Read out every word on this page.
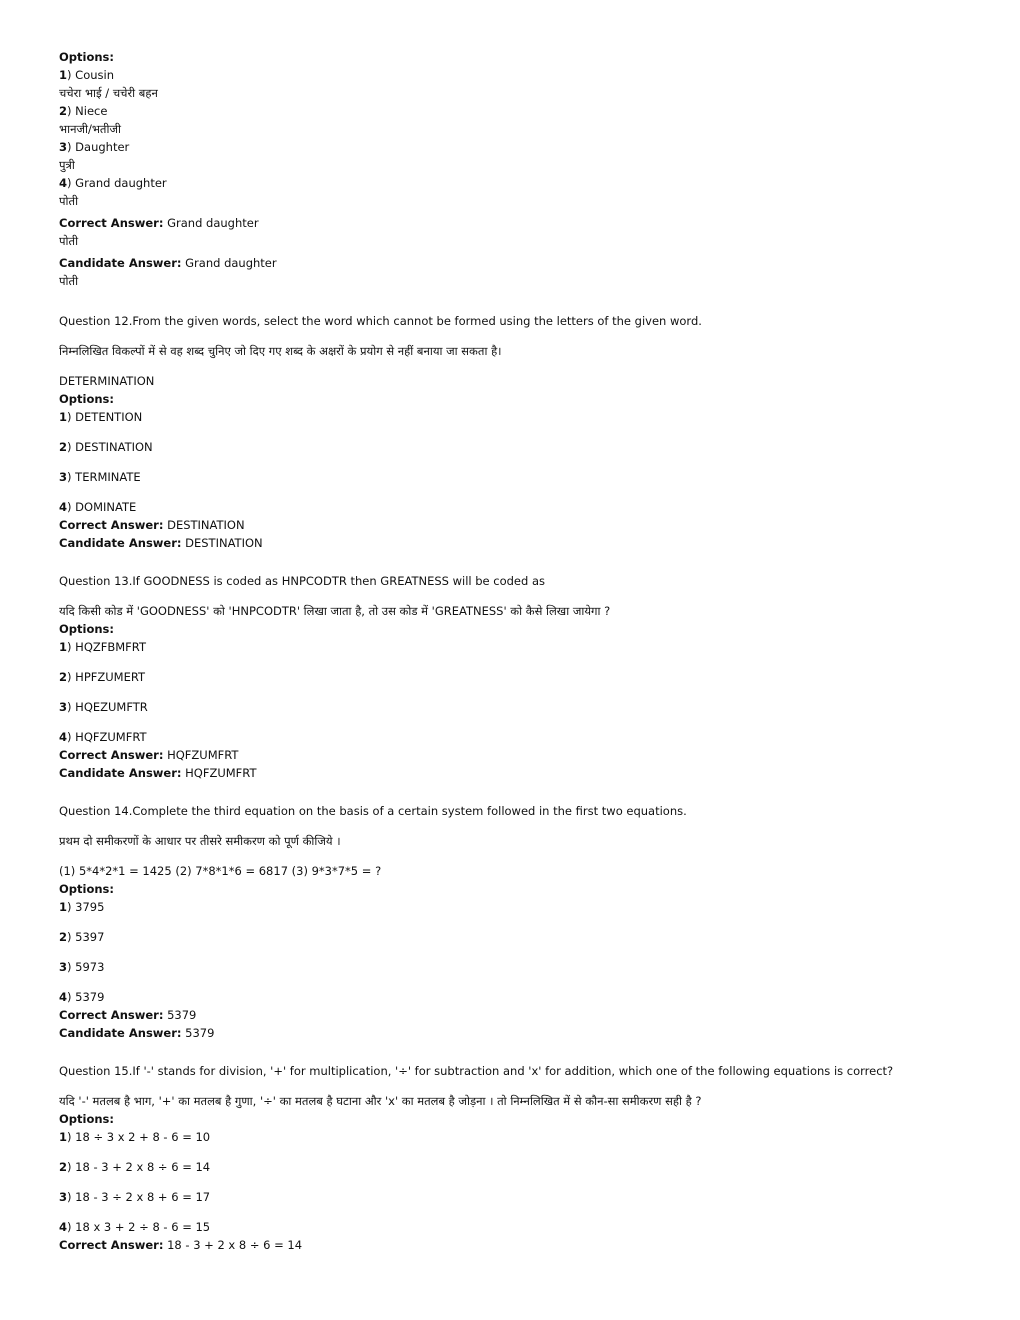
Options:
1) Cousin
चचेरा भाई / चचेरी बहन
2) Niece
भानजी/भतीजी
3) Daughter
पुत्री
4) Grand daughter
पोती
Correct Answer: Grand daughter
पोती
Candidate Answer: Grand daughter
पोती
Question 12.From the given words, select the word which cannot be formed using the letters of the given word.
निम्नलिखित विकल्पों में से वह शब्द चुनिए जो दिए गए शब्द के अक्षरों के प्रयोग से नहीं बनाया जा सकता है।
DETERMINATION
Options:
1) DETENTION
2) DESTINATION
3) TERMINATE
4) DOMINATE
Correct Answer: DESTINATION
Candidate Answer: DESTINATION
Question 13.If GOODNESS is coded as HNPCODTR then GREATNESS will be coded as
यदि किसी कोड में 'GOODNESS' को 'HNPCODTR' लिखा जाता है, तो उस कोड में 'GREATNESS' को कैसे लिखा जायेगा ?
Options:
1) HQZFBMFRT
2) HPFZUMERT
3) HQEZUMFTR
4) HQFZUMFRT
Correct Answer: HQFZUMFRT
Candidate Answer: HQFZUMFRT
Question 14.Complete the third equation on the basis of a certain system followed in the first two equations.
प्रथम दो समीकरणों के आधार पर तीसरे समीकरण को पूर्ण कीजिये ।
(1) 5*4*2*1 = 1425 (2) 7*8*1*6 = 6817 (3) 9*3*7*5 = ?
Options:
1) 3795
2) 5397
3) 5973
4) 5379
Correct Answer: 5379
Candidate Answer: 5379
Question 15.If '-' stands for division, '+' for multiplication, '÷' for subtraction and 'x' for addition, which one of the following equations is correct?
यदि '-' मतलब है भाग, '+' का मतलब है गुणा, '÷' का मतलब है घटाना और 'x' का मतलब है जोड़ना । तो निम्नलिखित में से कौन-सा समीकरण सही है ?
Options:
1) 18 ÷ 3 x 2 + 8 - 6 = 10
2) 18 - 3 + 2 x 8 ÷ 6 = 14
3) 18 - 3 ÷ 2 x 8 + 6 = 17
4) 18 x 3 + 2 ÷ 8 - 6 = 15
Correct Answer: 18 - 3 + 2 x 8 ÷ 6 = 14
